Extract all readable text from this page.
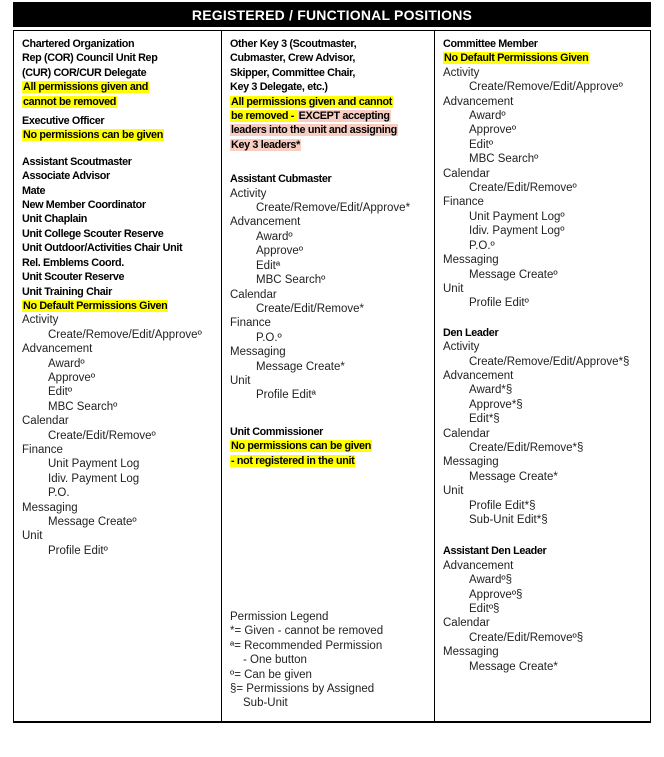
REGISTERED / FUNCTIONAL POSITIONS
Chartered Organization
Rep (COR) Council Unit Rep
(CUR) COR/CUR Delegate
All permissions given and
cannot be removed
Executive Officer
No permissions can be given
Assistant Scoutmaster
Associate Advisor
Mate
New Member Coordinator
Unit Chaplain
Unit College Scouter Reserve
Unit Outdoor/Activities Chair Unit
Rel. Emblems Coord.
Unit Scouter Reserve
Unit Training Chair
No Default Permissions Given
Activity
Create/Remove/Edit/Approveº
Advancement
Awardº
Approveº
Editº
MBC Searchº
Calendar
Create/Edit/Removeº
Finance
Unit Payment Log
Idiv. Payment Log
P.O.
Messaging
Message Createº
Unit
Profile Editº
Other Key 3 (Scoutmaster,
Cubmaster, Crew Advisor,
Skipper, Committee Chair,
Key 3 Delegate, etc.)
All permissions given and cannot
be removed - EXCEPT accepting
leaders into the unit and assigning
Key 3 leaders*
Assistant Cubmaster
Activity
Create/Remove/Edit/Approve*
Advancement
Awardº
Approveº
Editª
MBC Searchº
Calendar
Create/Edit/Remove*
Finance
P.O.º
Messaging
Message Create*
Unit
Profile Editª
Unit Commissioner
No permissions can be given
- not registered in the unit
Permission Legend
*= Given - cannot be removed
ª= Recommended Permission
- One button
º= Can be given
§= Permissions by Assigned
Sub-Unit
Committee Member
No Default Permissions Given
Activity
Create/Remove/Edit/Approveº
Advancement
Awardº
Approveº
Editº
MBC Searchº
Calendar
Create/Edit/Removeº
Finance
Unit Payment Logº
Idiv. Payment Logº
P.O.º
Messaging
Message Createº
Unit
Profile Editº
Den Leader
Activity
Create/Remove/Edit/Approve*§
Advancement
Award*§
Approve*§
Edit*§
Calendar
Create/Edit/Remove*§
Messaging
Message Create*
Unit
Profile Edit*§
Sub-Unit Edit*§
Assistant Den Leader
Advancement
Awardº§
Approveº§
Editº§
Calendar
Create/Edit/Removeº§
Messaging
Message Create*
